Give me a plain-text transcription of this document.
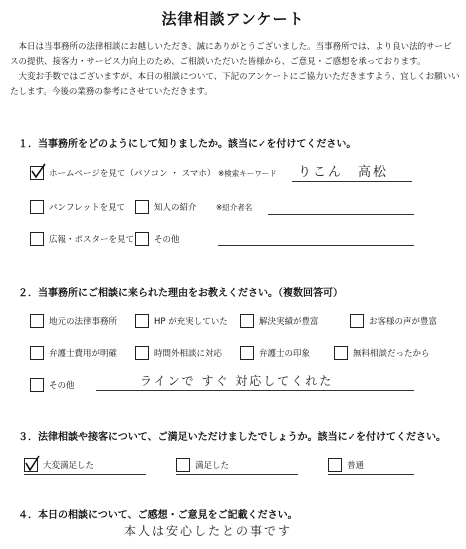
法律相談アンケート

本日は当事務所の法律相談にお越しいただき、誠にありがとうございました。当事務所では、より良い法的サービスの提供、接客力・サービス力向上のため、ご相談いただいた皆様から、ご意見・ご感想を承っております。

大変お手数ではございますが、本日の相談について、下記のアンケートにご協力いただきますよう、宜しくお願いいたします。今後の業務の参考にさせていただきます。

１．当事務所をどのようにして知りましたか。該当に✓を付けてください。
ホームページを見て（パソコン ・ スマホ） ※検索キーワード りこん　高松
パンフレットを見て	知人の紹介	※紹介者名
広報・ポスターを見て その他
２．当事務所にご相談に来られた理由をお教えください。（複数回答可）
地元の法律事務所	HP が充実していた	解決実績が豊富	お客様の声が豊富
弁護士費用が明確	時間外相談に対応	弁護士の印象	無料相談だったから
その他	ラインで すぐ 対応してくれた
３．法律相談や接客について、ご満足いただけましたでしょうか。該当に✓を付けてください。
大変満足した	満足した	普通
４．本日の相談について、ご感想・ご意見をご記載ください。
本人は安心したとの事です
